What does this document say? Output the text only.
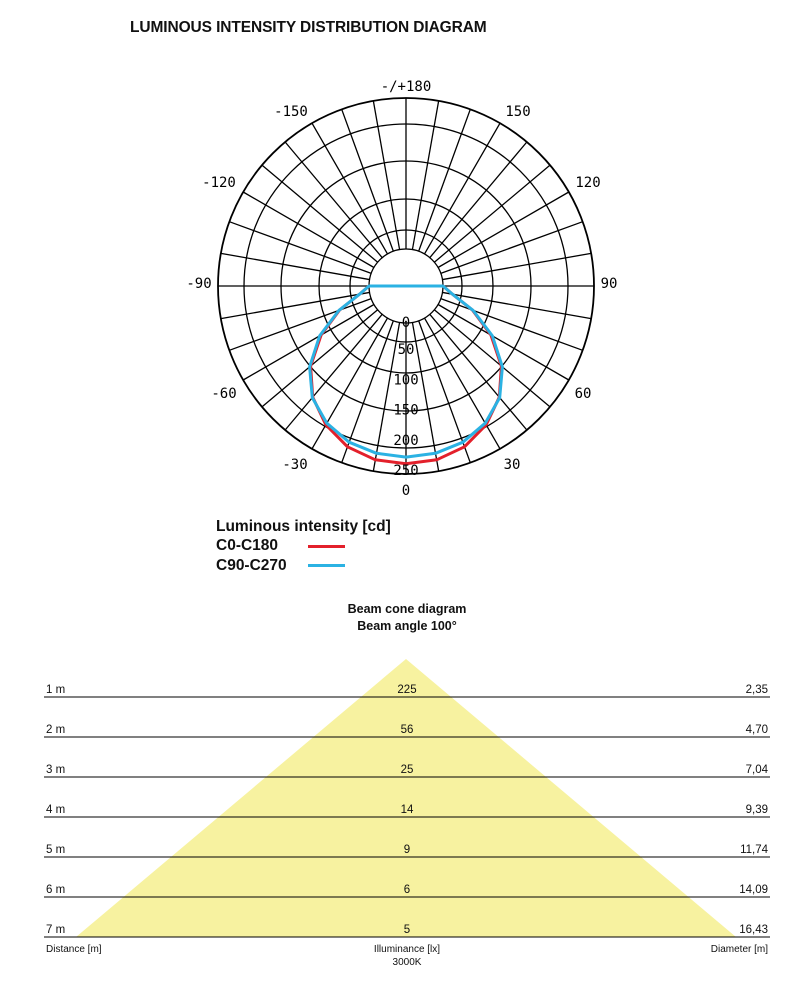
LUMINOUS INTENSITY DISTRIBUTION DIAGRAM
-/+180
150
-150
120
-120
90
-90
60
-60
30
-30
0
0
50
100
150
200
250
Luminous intensity [cd]
C0-C180
C90-C270
Beam cone diagram
Beam angle 100°
1 m	225	2,35
2 m	56	4,70
3 m	25	7,04
4 m	14	9,39
5 m	9	11,74
6 m	6	14,09
7 m	5	16,43
Distance [m]	Illuminance [lx]
3000K
Diameter [m]
